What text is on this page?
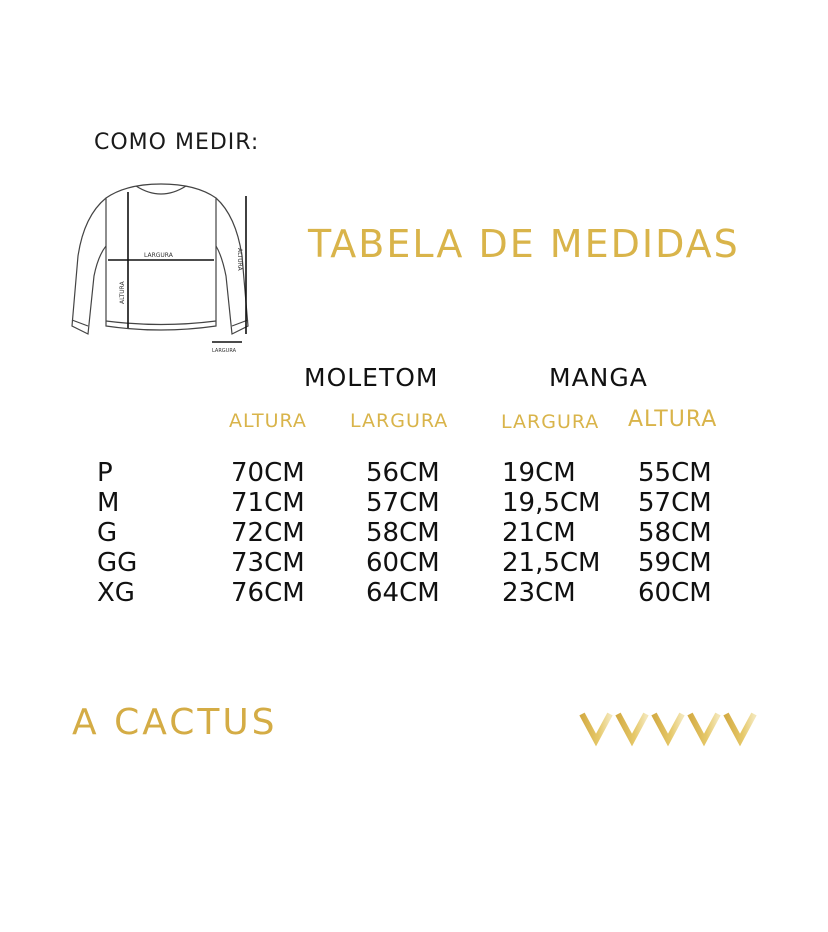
COMO MEDIR:
LARGURA
ALTURA
ALTURA
LARGURA
TABELA DE MEDIDAS
MOLETOM	MANGA
ALTURA LARGURA	LARGURA ALTURA
P	70CM 56CM 19CM 55CM
M	71CM 57CM 19,5CM 57CM
G	72CM 58CM 21CM 58CM
GG	73CM 60CM 21,5CM 59CM
XG	76CM 64CM 23CM 60CM
A CACTUS
